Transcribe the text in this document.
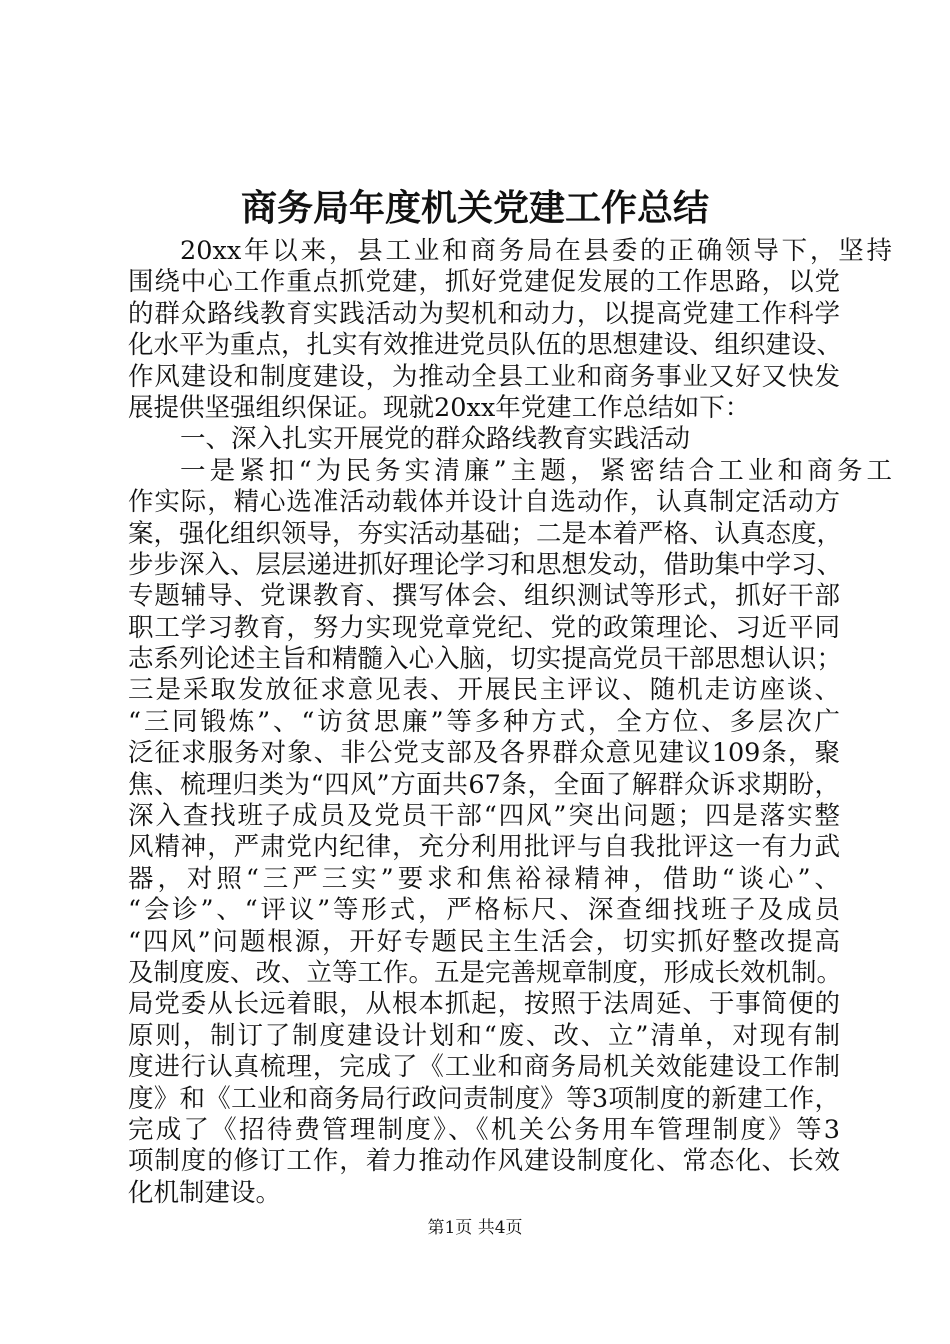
商务局年度机关党建工作总结
20xx年以来，县工业和商务局在县委的正确领导下，坚持
围绕中心工作重点抓党建，抓好党建促发展的工作思路，以党
的群众路线教育实践活动为契机和动力，以提高党建工作科学
化水平为重点，扎实有效推进党员队伍的思想建设、组织建设、
作风建设和制度建设，为推动全县工业和商务事业又好又快发
展提供坚强组织保证。现就20xx年党建工作总结如下：
一、深入扎实开展党的群众路线教育实践活动
一是紧扣“为民务实清廉”主题，紧密结合工业和商务工
作实际，精心选准活动载体并设计自选动作，认真制定活动方
案，强化组织领导，夯实活动基础；二是本着严格、认真态度，
步步深入、层层递进抓好理论学习和思想发动，借助集中学习、
专题辅导、党课教育、撰写体会、组织测试等形式，抓好干部
职工学习教育，努力实现党章党纪、党的政策理论、习近平同
志系列论述主旨和精髓入心入脑，切实提高党员干部思想认识；
三是采取发放征求意见表、开展民主评议、随机走访座谈、
“三同锻炼”、“访贫思廉”等多种方式，全方位、多层次广
泛征求服务对象、非公党支部及各界群众意见建议109条，聚
焦、梳理归类为“四风”方面共67条，全面了解群众诉求期盼，
深入查找班子成员及党员干部“四风”突出问题；四是落实整
风精神，严肃党内纪律，充分利用批评与自我批评这一有力武
器，对照“三严三实”要求和焦裕禄精神，借助“谈心”、
“会诊”、“评议”等形式，严格标尺、深查细找班子及成员
“四风”问题根源，开好专题民主生活会，切实抓好整改提高
及制度废、改、立等工作。五是完善规章制度，形成长效机制。
局党委从长远着眼，从根本抓起，按照于法周延、于事简便的
原则，制订了制度建设计划和“废、改、立”清单，对现有制
度进行认真梳理，完成了《工业和商务局机关效能建设工作制
度》和《工业和商务局行政问责制度》等3项制度的新建工作，
完成了《招待费管理制度》、《机关公务用车管理制度》等3
项制度的修订工作，着力推动作风建设制度化、常态化、长效
化机制建设。
第1页 共4页
